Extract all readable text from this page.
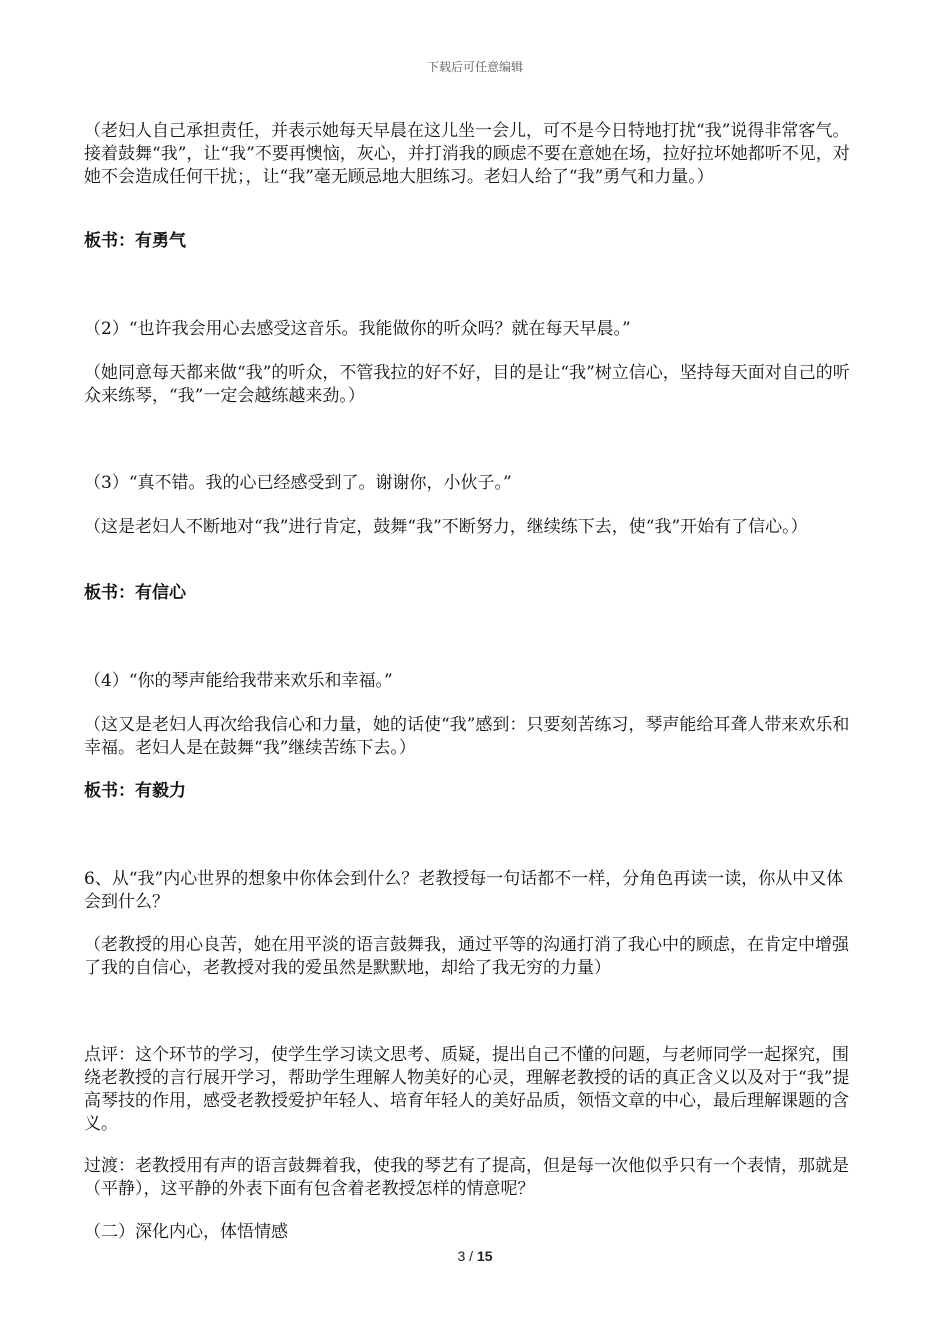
下载后可任意编辑
（老妇人自己承担责任，并表示她每天早晨在这儿坐一会儿，可不是今日特地打扰“我”说得非常客气。接着鼓舞“我”，让“我”不要再懊恼，灰心，并打消我的顾虑不要在意她在场，拉好拉坏她都听不见，对她不会造成任何干扰；，让“我”毫无顾忌地大胆练习。老妇人给了“我”勇气和力量。）
板书：有勇气
（2）“也许我会用心去感受这音乐。我能做你的听众吗？就在每天早晨。”
（她同意每天都来做“我”的听众，不管我拉的好不好，目的是让“我”树立信心，坚持每天面对自己的听众来练琴，“我”一定会越练越来劲。）
（3）“真不错。我的心已经感受到了。谢谢你，小伙子。”
（这是老妇人不断地对“我”进行肯定，鼓舞“我”不断努力，继续练下去，使“我”开始有了信心。）
板书：有信心
（4）“你的琴声能给我带来欢乐和幸福。”
（这又是老妇人再次给我信心和力量，她的话使“我”感到：只要刻苦练习，琴声能给耳聋人带来欢乐和幸福。老妇人是在鼓舞“我”继续苦练下去。）
板书：有毅力
6、从“我”内心世界的想象中你体会到什么？老教授每一句话都不一样，分角色再读一读，你从中又体会到什么？
（老教授的用心良苦，她在用平淡的语言鼓舞我，通过平等的沟通打消了我心中的顾虑，在肯定中增强了我的自信心，老教授对我的爱虽然是默默地，却给了我无穷的力量）
点评：这个环节的学习，使学生学习读文思考、质疑，提出自己不懂的问题，与老师同学一起探究，围绕老教授的言行展开学习，帮助学生理解人物美好的心灵，理解老教授的话的真正含义以及对于“我”提高琴技的作用，感受老教授爱护年轻人、培育年轻人的美好品质，领悟文章的中心，最后理解课题的含义。
过渡：老教授用有声的语言鼓舞着我，使我的琴艺有了提高，但是每一次他似乎只有一个表情，那就是（平静），这平静的外表下面有包含着老教授怎样的情意呢？
（二）深化内心，体悟情感
3 / 15
